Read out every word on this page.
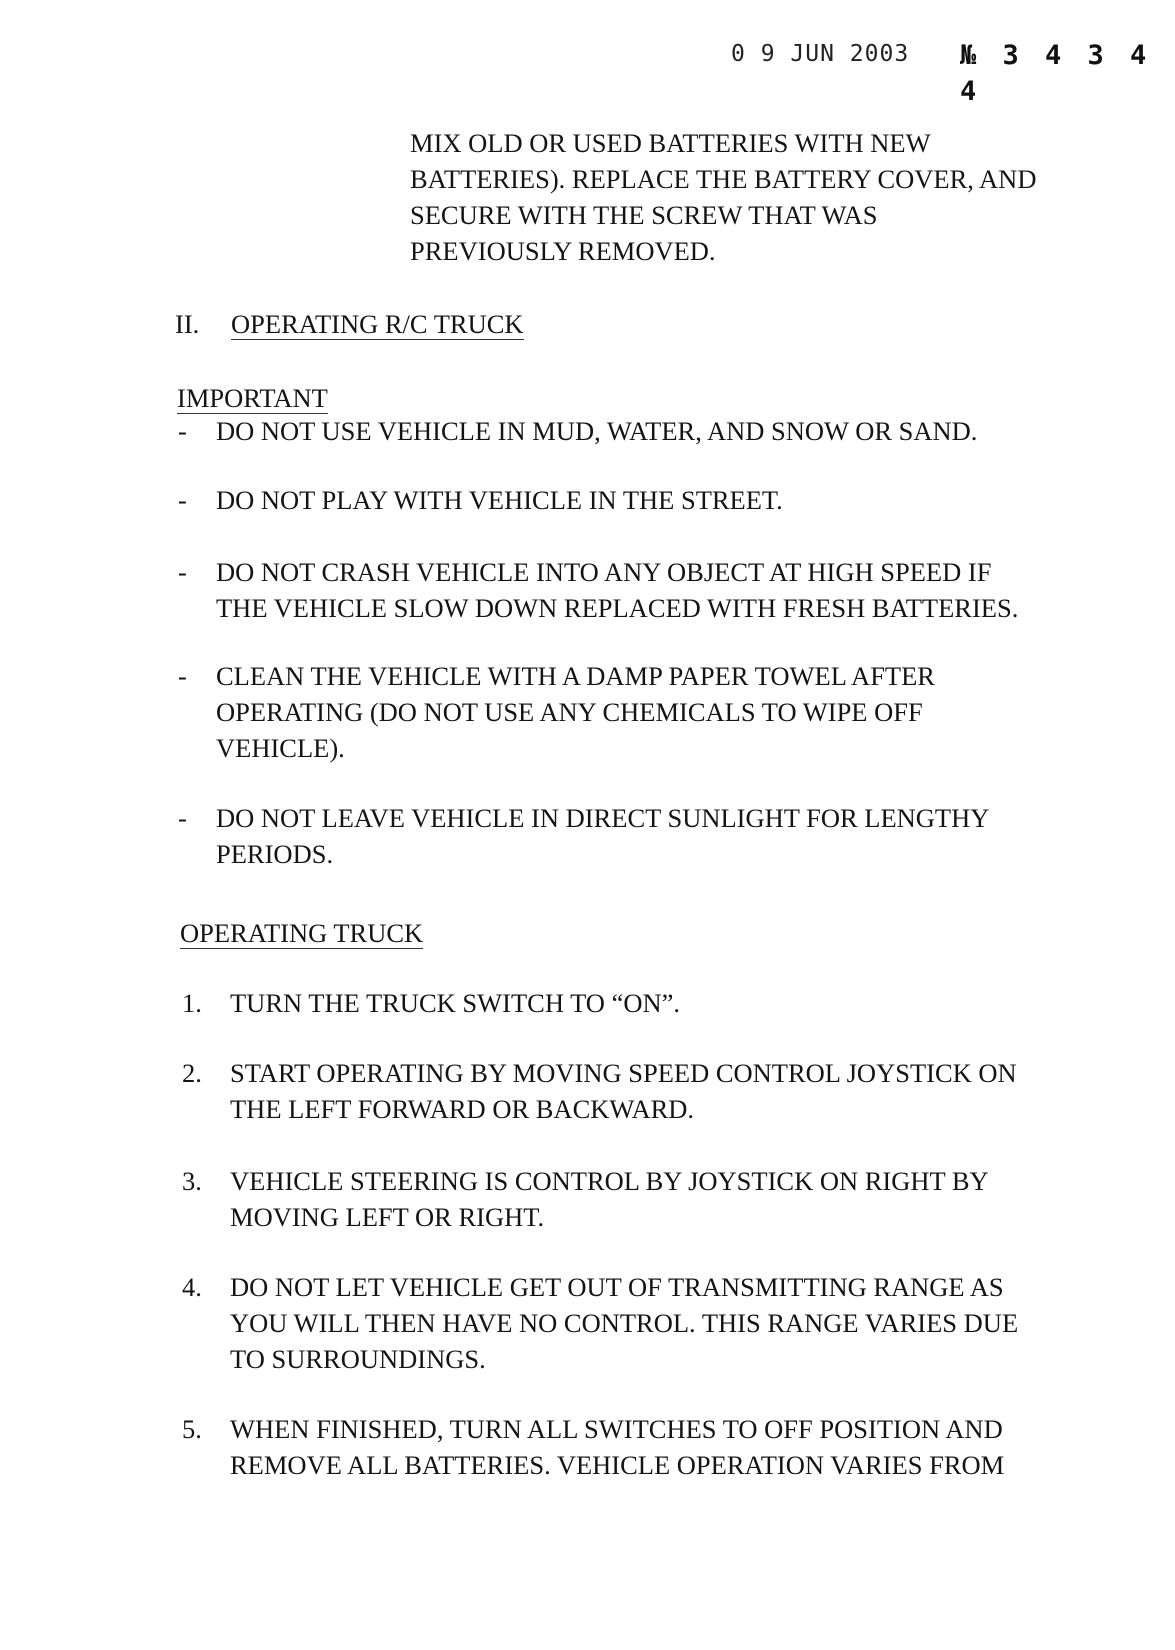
0 9 JUN 2003 № 3 4 3 4 4
MIX OLD OR USED BATTERIES WITH NEW
BATTERIES). REPLACE THE BATTERY COVER, AND
SECURE WITH THE SCREW THAT WAS
PREVIOUSLY REMOVED.
II. OPERATING R/C TRUCK
IMPORTANT
- DO NOT USE VEHICLE IN MUD, WATER, AND SNOW OR SAND.
- DO NOT PLAY WITH VEHICLE IN THE STREET.
- DO NOT CRASH VEHICLE INTO ANY OBJECT AT HIGH SPEED IF
THE VEHICLE SLOW DOWN REPLACED WITH FRESH BATTERIES.
- CLEAN THE VEHICLE WITH A DAMP PAPER TOWEL AFTER
OPERATING (DO NOT USE ANY CHEMICALS TO WIPE OFF
VEHICLE).
- DO NOT LEAVE VEHICLE IN DIRECT SUNLIGHT FOR LENGTHY
PERIODS.
OPERATING TRUCK
1. TURN THE TRUCK SWITCH TO “ON”.
2. START OPERATING BY MOVING SPEED CONTROL JOYSTICK ON
THE LEFT FORWARD OR BACKWARD.
3. VEHICLE STEERING IS CONTROL BY JOYSTICK ON RIGHT BY
MOVING LEFT OR RIGHT.
4. DO NOT LET VEHICLE GET OUT OF TRANSMITTING RANGE AS
YOU WILL THEN HAVE NO CONTROL. THIS RANGE VARIES DUE
TO SURROUNDINGS.
5. WHEN FINISHED, TURN ALL SWITCHES TO OFF POSITION AND
REMOVE ALL BATTERIES. VEHICLE OPERATION VARIES FROM
